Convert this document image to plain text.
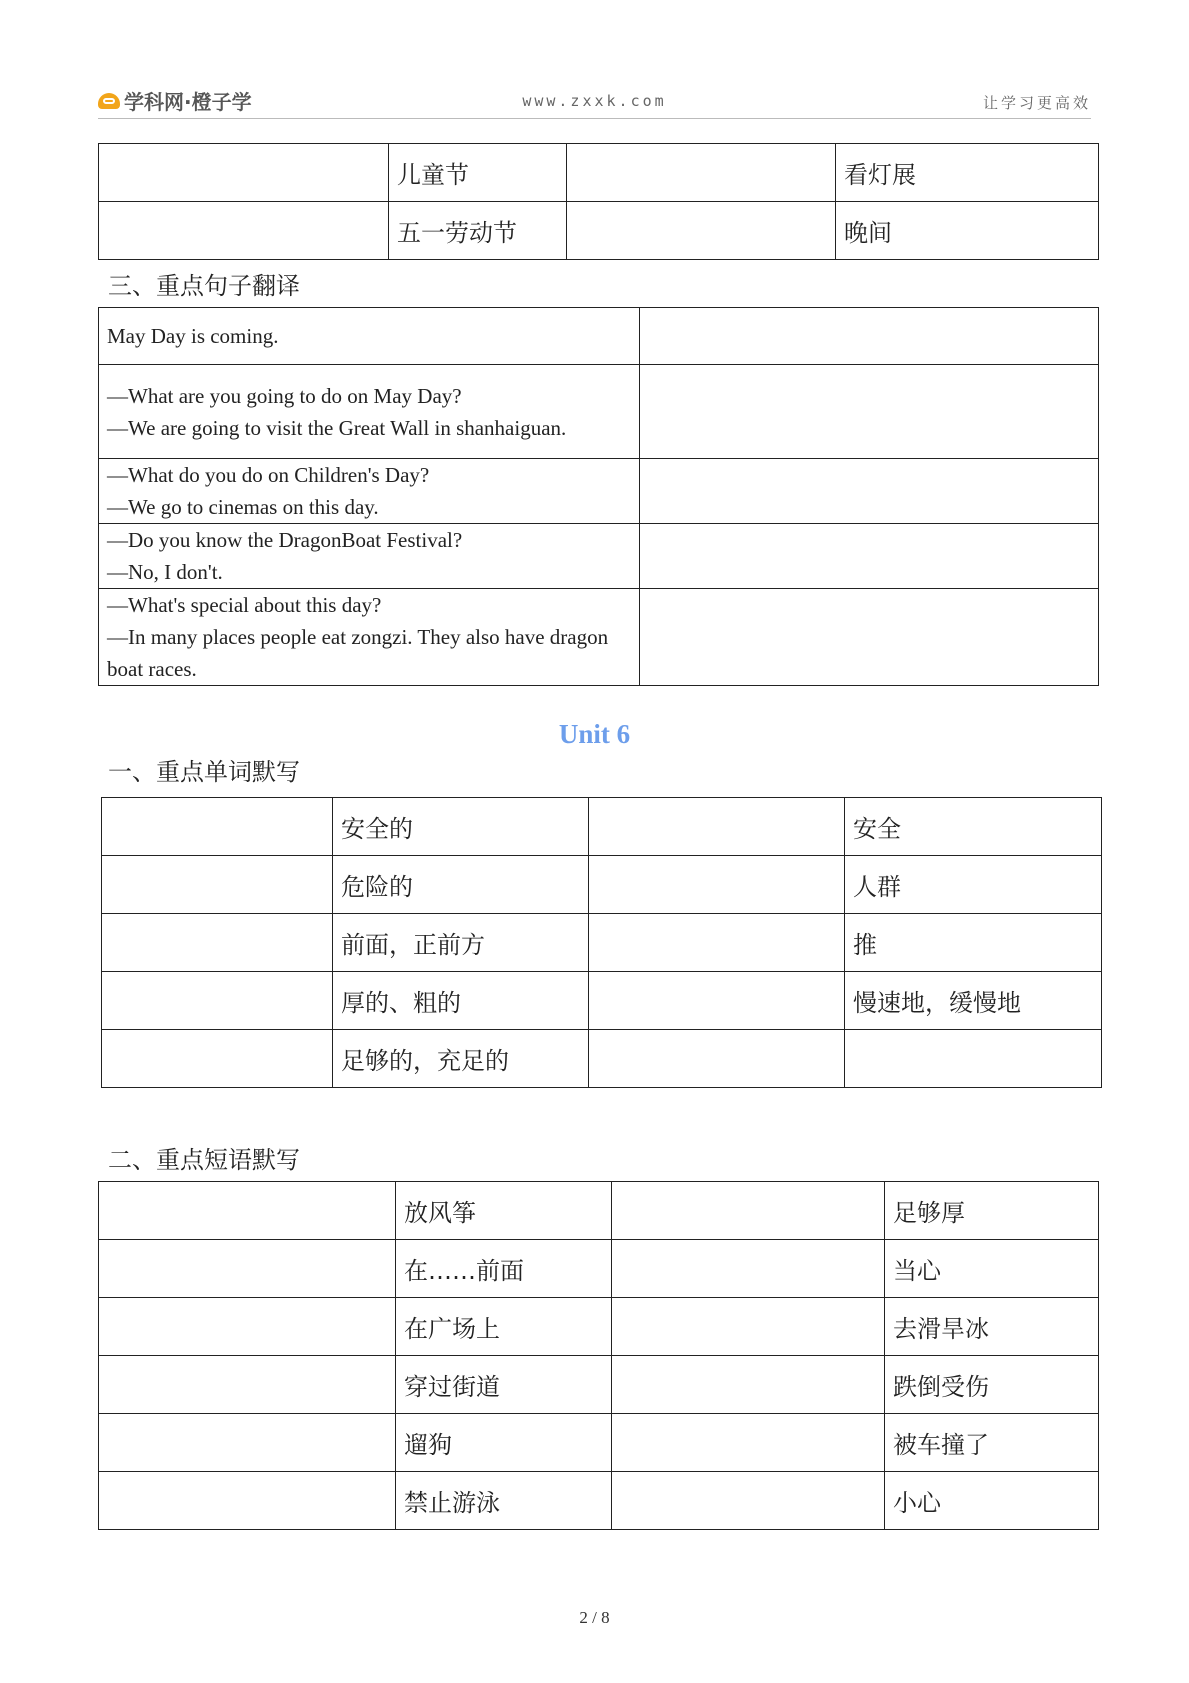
学科网·橙子学	www.zxxk.com	让学习更高效
	儿童节		看灯展
	五一劳动节		晚间
三、重点句子翻译
May Day is coming.	

—What are you going to do on May Day?
—We are going to visit the Great Wall in shanhaiguan.	

—What do you do on Children's Day?
—We go to cinemas on this day.	

—Do you know the DragonBoat Festival?
—No, I don't.	

—What's special about this day?
—In many places people eat zongzi. They also have dragon boat races.	

Unit 6
一、重点单词默写
	安全的		安全
	危险的		人群
	前面，正前方		推
	厚的、粗的		慢速地，缓慢地
	足够的，充足的		
二、重点短语默写
	放风筝		足够厚
	在……前面		当心
	在广场上		去滑旱冰
	穿过街道		跌倒受伤
	遛狗		被车撞了
	禁止游泳		小心
2 / 8
